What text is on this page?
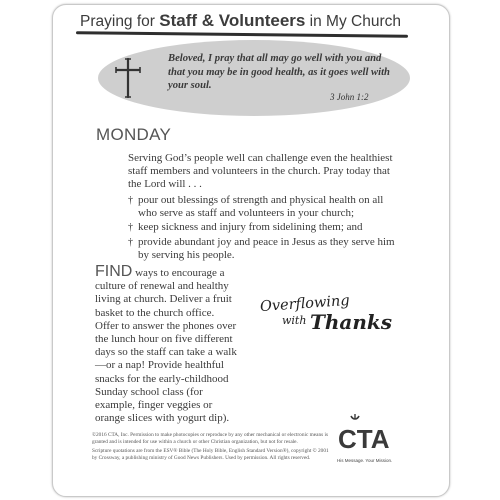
Praying for Staff & Volunteers in My Church
Beloved, I pray that all may go well with you and that you may be in good health, as it goes well with your soul.
3 John 1:2
MONDAY
Serving God’s people well can challenge even the healthiest staff members and volunteers in the church. Pray today that the Lord will . . .
† pour out blessings of strength and physical health on all who serve as staff and volunteers in your church;
† keep sickness and injury from sidelining them; and
† provide abundant joy and peace in Jesus as they serve him by serving his people.
FIND ways to encourage a culture of renewal and healthy living at church. Deliver a fruit basket to the church office. Offer to answer the phones over the lunch hour on five different days so the staff can take a walk—or a nap! Provide healthful snacks for the early-childhood Sunday school class (for example, finger veggies or orange slices with yogurt dip).
Overflowing
with Thanks

©2016 CTA, Inc. Permission to make photocopies or reproduce by any other mechanical or electronic means is granted and is intended for use within a church or other Christian organization, but not for resale.

Scripture quotations are from the ESV® Bible (The Holy Bible, English Standard Version®), copyright © 2001 by Crossway, a publishing ministry of Good News Publishers. Used by permission. All rights reserved.

CTA
His Message. Your Mission.
